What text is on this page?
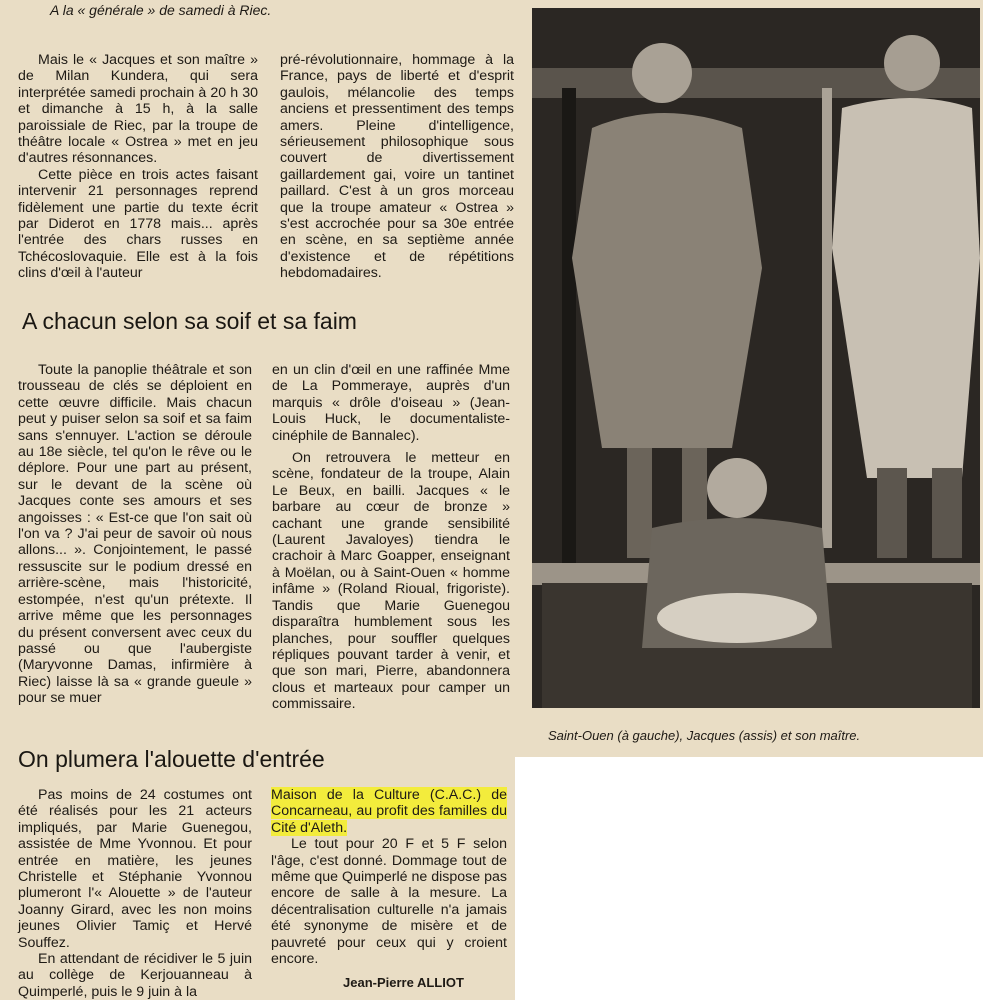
A la « générale » de samedi à Riec.

Mais le « Jacques et son maître » de Milan Kundera, qui sera interprétée samedi prochain à 20 h 30 et dimanche à 15 h, à la salle paroissiale de Riec, par la troupe de théâtre locale « Ostrea » met en jeu d'autres résonnances.

Cette pièce en trois actes faisant intervenir 21 personnages reprend fidèlement une partie du texte écrit par Diderot en 1778 mais... après l'entrée des chars russes en Tchécoslovaquie. Elle est à la fois clins d'œil à l'auteur

pré-révolutionnaire, hommage à la France, pays de liberté et d'esprit gaulois, mélancolie des temps anciens et pressentiment des temps amers. Pleine d'intelligence, sérieusement philosophique sous couvert de divertissement gaillardement gai, voire un tantinet paillard. C'est à un gros morceau que la troupe amateur « Ostrea » s'est accrochée pour sa 30e entrée en scène, en sa septième année d'existence et de répétitions hebdomadaires.

A chacun selon sa soif et sa faim

Toute la panoplie théâtrale et son trousseau de clés se déploient en cette œuvre difficile. Mais chacun peut y puiser selon sa soif et sa faim sans s'ennuyer. L'action se déroule au 18e siècle, tel qu'on le rêve ou le déplore. Pour une part au présent, sur le devant de la scène où Jacques conte ses amours et ses angoisses : « Est-ce que l'on sait où l'on va ? J'ai peur de savoir où nous allons... ». Conjointement, le passé ressuscite sur le podium dressé en arrière-scène, mais l'historicité, estompée, n'est qu'un prétexte. Il arrive même que les personnages du présent conversent avec ceux du passé ou que l'aubergiste (Maryvonne Damas, infirmière à Riec) laisse là sa « grande gueule » pour se muer

en un clin d'œil en une raffinée Mme de La Pommeraye, auprès d'un marquis « drôle d'oiseau » (Jean-Louis Huck, le documentaliste-cinéphile de Bannalec).

On retrouvera le metteur en scène, fondateur de la troupe, Alain Le Beux, en bailli. Jacques « le barbare au cœur de bronze » cachant une grande sensibilité (Laurent Javaloyes) tiendra le crachoir à Marc Goapper, enseignant à Moëlan, ou à Saint-Ouen « homme infâme » (Roland Rioual, frigoriste). Tandis que Marie Guenegou disparaîtra humblement sous les planches, pour souffler quelques répliques pouvant tarder à venir, et que son mari, Pierre, abandonnera clous et marteaux pour camper un commissaire.

Saint-Ouen (à gauche), Jacques (assis) et son maître.
On plumera l'alouette d'entrée

Pas moins de 24 costumes ont été réalisés pour les 21 acteurs impliqués, par Marie Guenegou, assistée de Mme Yvonnou. Et pour entrée en matière, les jeunes Christelle et Stéphanie Yvonnou plumeront l'« Alouette » de l'auteur Joanny Girard, avec les non moins jeunes Olivier Tamiç et Hervé Souffez.

En attendant de récidiver le 5 juin au collège de Kerjouanneau à Quimperlé, puis le 9 juin à la

Maison de la Culture (C.A.C.) de Concarneau, au profit des familles du Cité d'Aleth.

Le tout pour 20 F et 5 F selon l'âge, c'est donné. Dommage tout de même que Quimperlé ne dispose pas encore de salle à la mesure. La décentralisation culturelle n'a jamais été synonyme de misère et de pauvreté pour ceux qui y croient encore.

Jean-Pierre ALLIOT
